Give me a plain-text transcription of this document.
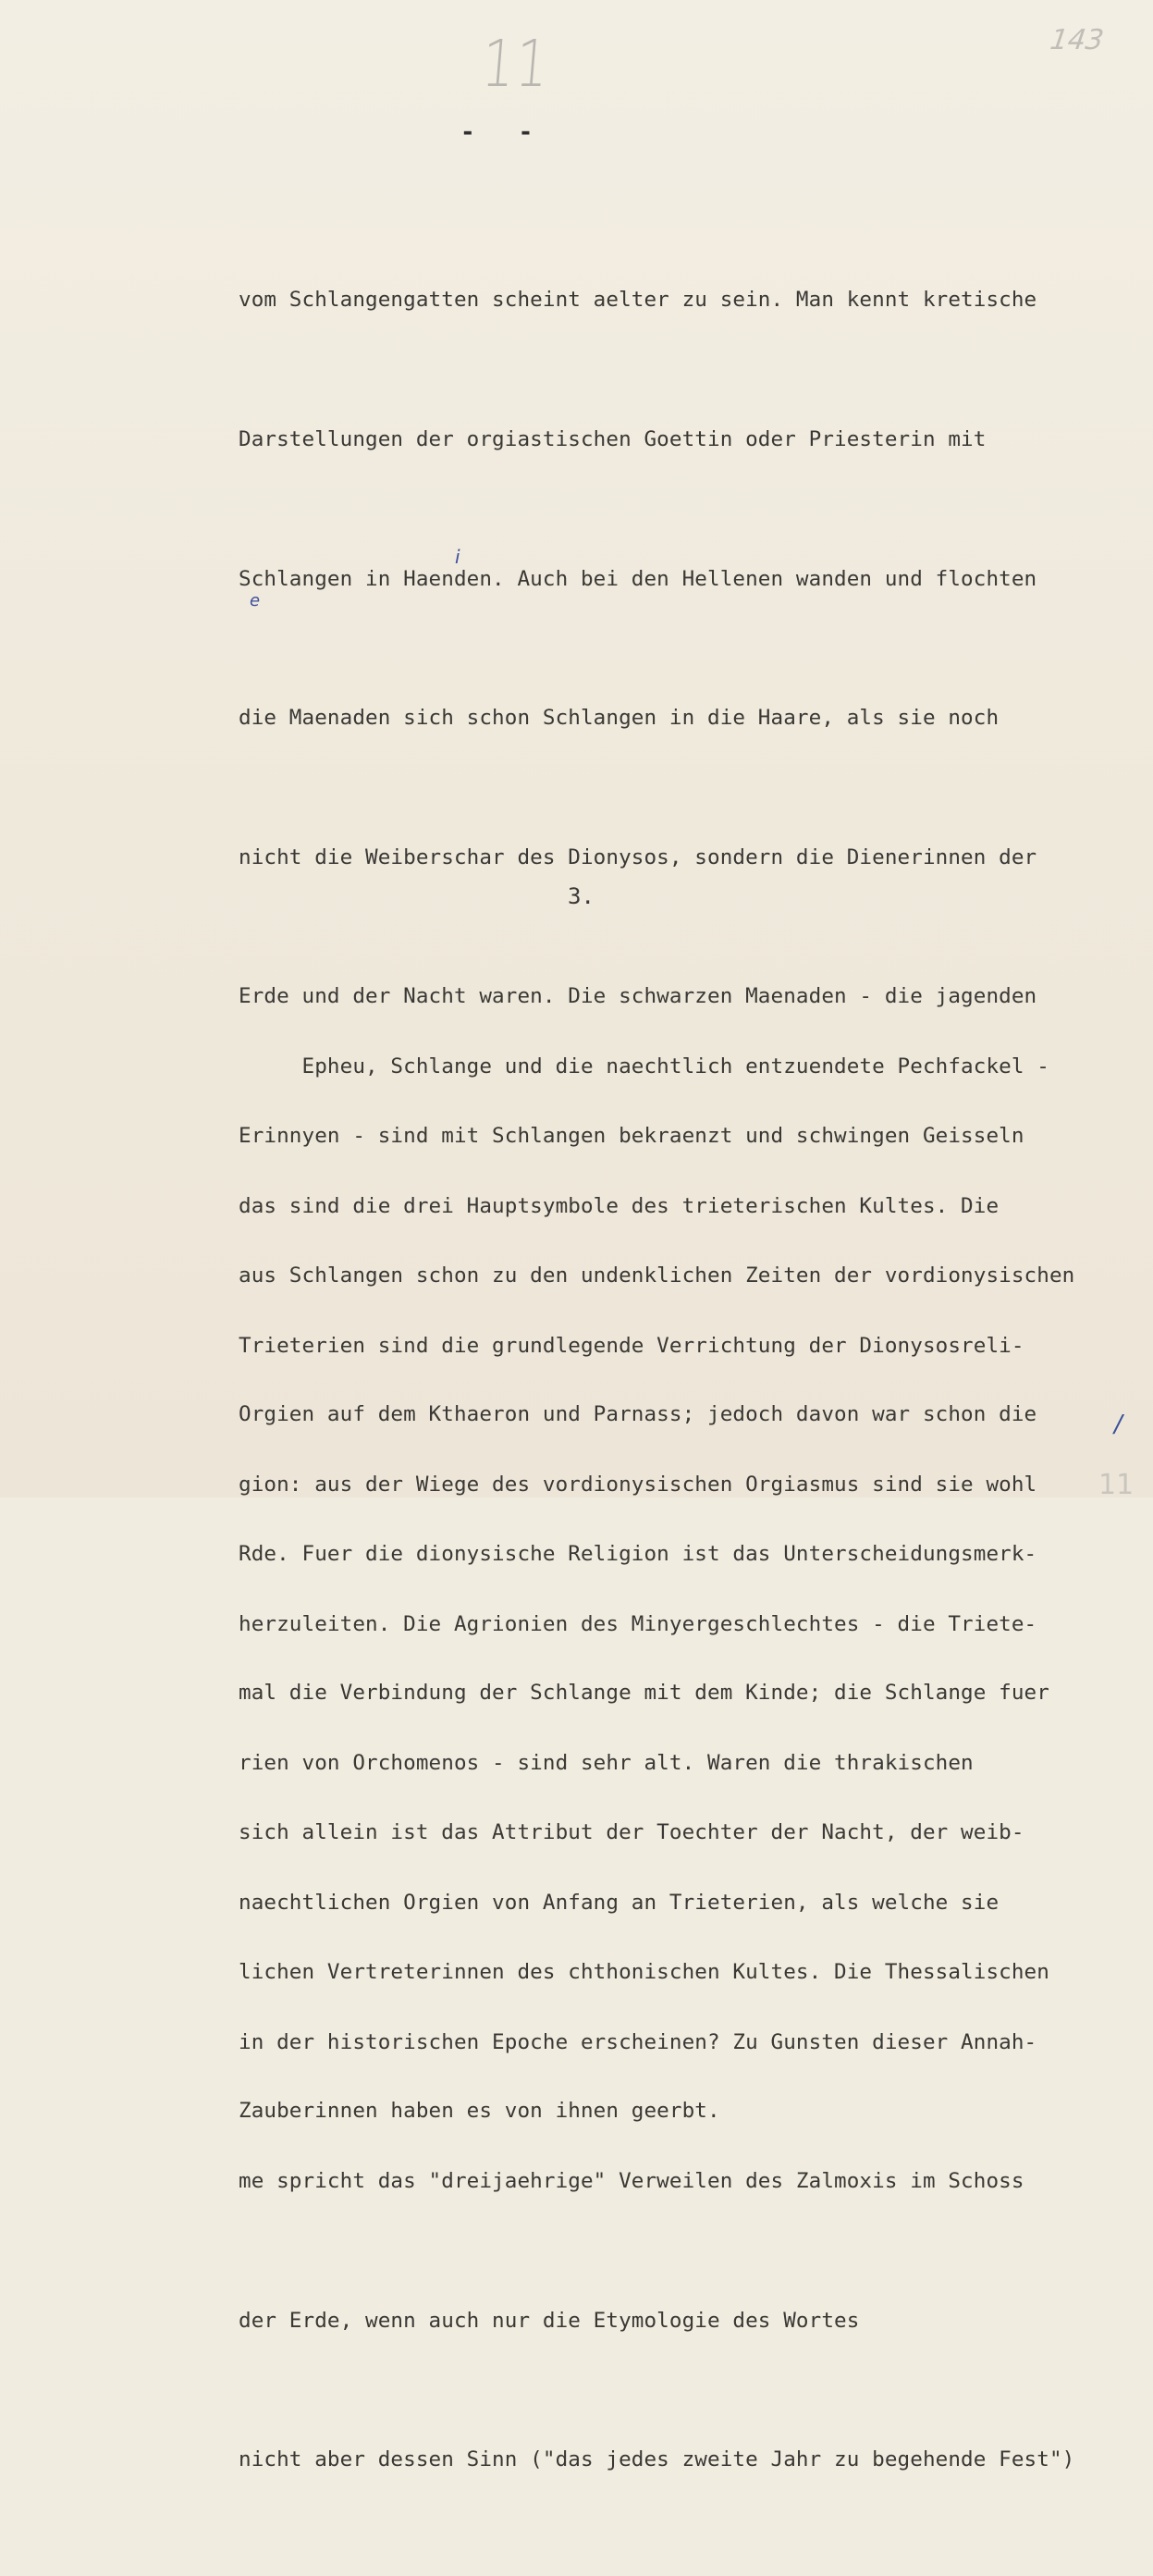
11	143
-   -

vom Schlangengatten scheint aelter zu sein. Man kennt kretische

Darstellungen der orgiastischen Goettin oder Priesterin mit

Schlangen in Haenden. Auch bei den Hellenen wanden und flochten

die Maenaden sich schon Schlangen in die Haare, als sie noch

nicht die Weiberschar des Dionysos, sondern die Dienerinnen der

Erde und der Nacht waren. Die schwarzen Maenaden - die jagenden

Erinnyen - sind mit Schlangen bekraenzt und schwingen Geisseln

aus Schlangen schon zu den undenklichen Zeiten der vordionysischen

Orgien auf dem Kthaeron und Parnass; jedoch davon war schon die

Rde. Fuer die dionysische Religion ist das Unterscheidungsmerk-

mal die Verbindung der Schlange mit dem Kinde; die Schlange fuer

sich allein ist das Attribut der Toechter der Nacht, der weib-

lichen Vertreterinnen des chthonischen Kultes. Die Thessalischen

Zauberinnen haben es von ihnen geerbt.

3.

Epheu, Schlange und die naechtlich entzuendete Pechfackel -

das sind die drei Hauptsymbole des trieterischen Kultes. Die

Trieterien sind die grundlegende Verrichtung der Dionysosreli-

gion: aus der Wiege des vordionysischen Orgiasmus sind sie wohl

herzuleiten. Die Agrionien des Minyergeschlechtes - die Triete-

rien von Orchomenos - sind sehr alt. Waren die thrakischen

naechtlichen Orgien von Anfang an Trieterien, als welche sie

in der historischen Epoche erscheinen? Zu Gunsten dieser Annah-

me spricht das "dreijaehrige" Verweilen des Zalmoxis im Schoss

der Erde, wenn auch nur die Etymologie des Wortes

nicht aber dessen Sinn ("das jedes zweite Jahr zu begehende Fest")

i
e
/
11
